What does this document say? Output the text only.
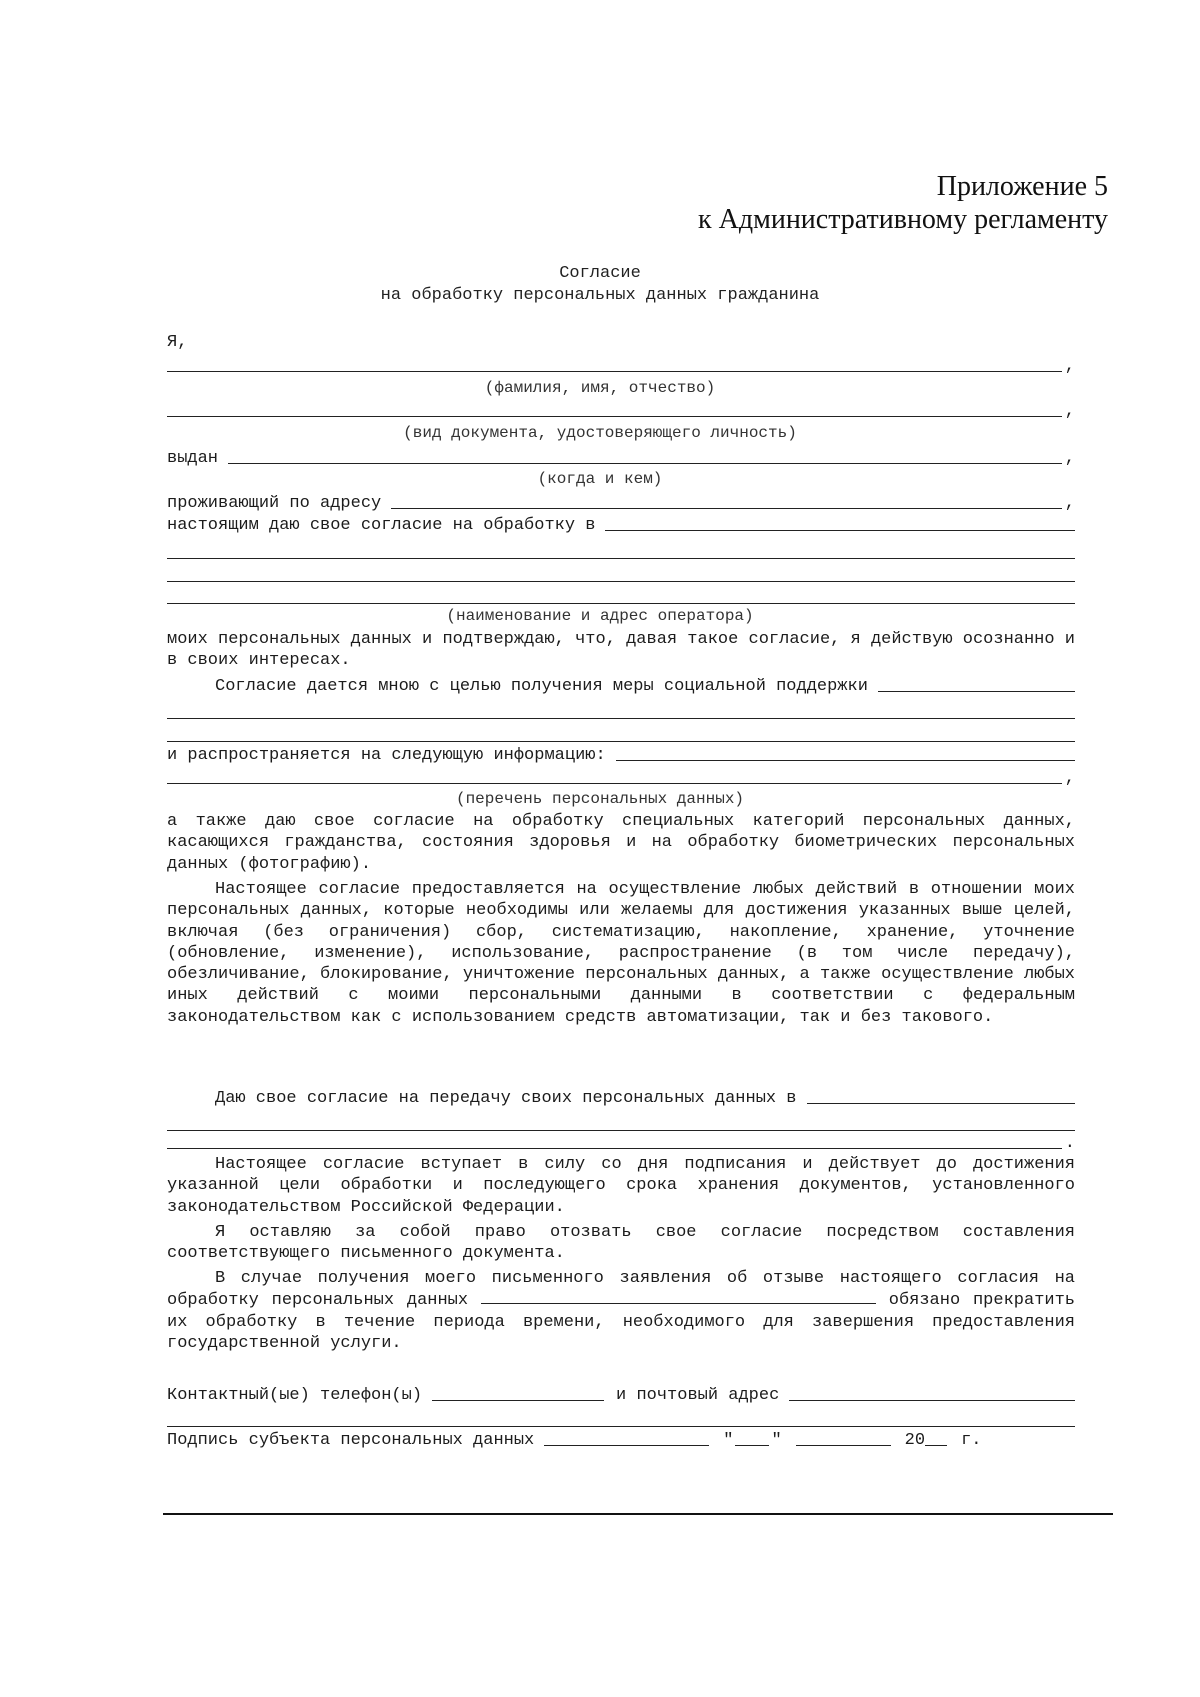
Приложение 5
к Административному регламенту
Согласие
на обработку персональных данных гражданина
Я,
,
(фамилия, имя, отчество)
,
(вид документа, удостоверяющего личность)
выдан	,
(когда и кем)
проживающий по адресу	,
настоящим даю свое согласие на обработку в
(наименование и адрес оператора)
моих персональных данных и подтверждаю, что, давая такое согласие, я действую осознанно и в своих интересах.
Согласие дается мною с целью получения меры социальной поддержки
и распространяется на следующую информацию:
,
(перечень персональных данных)
а также даю свое согласие на обработку специальных категорий персональных данных, касающихся гражданства, состояния здоровья и на обработку биометрических персональных данных (фотографию).
Настоящее согласие предоставляется на осуществление любых действий в отношении моих персональных данных, которые необходимы или желаемы для достижения указанных выше целей, включая (без ограничения) сбор, систематизацию, накопление, хранение, уточнение (обновление, изменение), использование, распространение (в том числе передачу), обезличивание, блокирование, уничтожение персональных данных, а также осуществление любых иных действий с моими персональными данными в соответствии с федеральным законодательством как с использованием средств автоматизации, так и без такового.
Даю свое согласие на передачу своих персональных данных в
.
Настоящее согласие вступает в силу со дня подписания и действует до достижения указанной цели обработки и последующего срока хранения документов, установленного законодательством Российской Федерации.
Я оставляю за собой право отозвать свое согласие посредством составления соответствующего письменного документа.
В случае получения моего письменного заявления об отзыве настоящего согласия на обработку персональных данных	обязано прекратить их обработку в течение периода времени, необходимого для завершения предоставления государственной услуги.
Контактный(ые) телефон(ы)	и почтовый адрес
Подпись субъекта персональных данных	" "	20 г.
